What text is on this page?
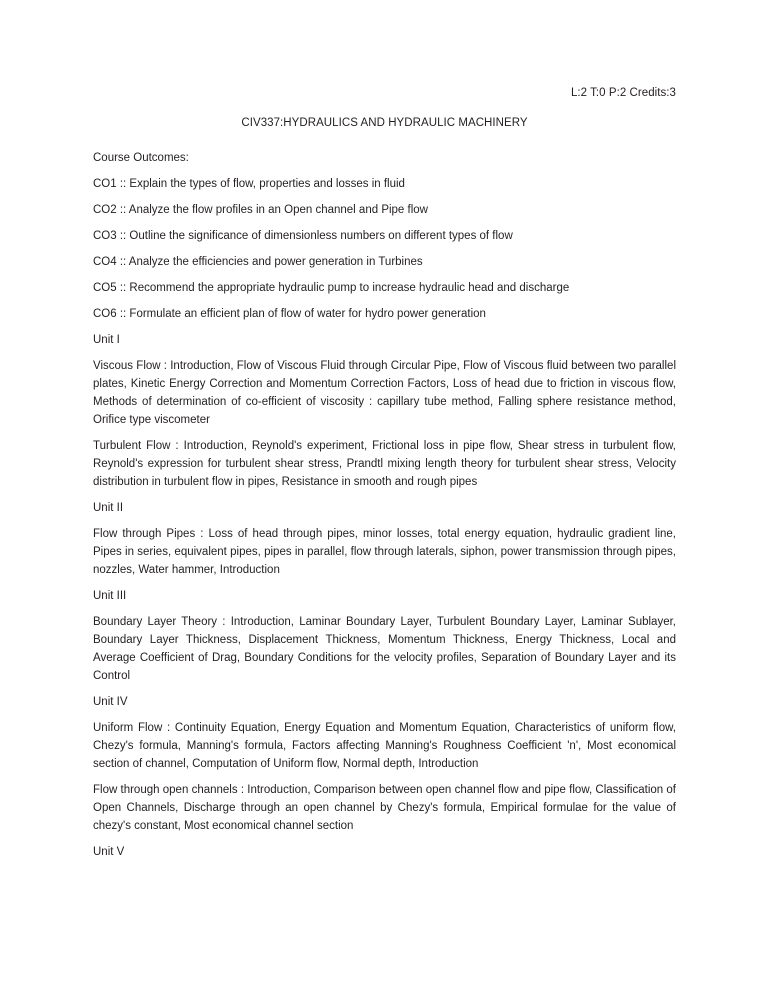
L:2 T:0 P:2 Credits:3
CIV337:HYDRAULICS AND HYDRAULIC MACHINERY
Course Outcomes:
CO1 :: Explain the types of flow, properties and losses in fluid
CO2 :: Analyze the flow profiles in an Open channel and Pipe flow
CO3 :: Outline the significance of dimensionless numbers on different types of flow
CO4 :: Analyze the efficiencies and power generation in Turbines
CO5 :: Recommend the appropriate hydraulic pump to increase hydraulic head and discharge
CO6 :: Formulate an efficient plan of flow of water for hydro power generation
Unit I
Viscous Flow : Introduction, Flow of Viscous Fluid through Circular Pipe, Flow of Viscous fluid between two parallel plates, Kinetic Energy Correction and Momentum Correction Factors, Loss of head due to friction in viscous flow, Methods of determination of co-efficient of viscosity : capillary tube method, Falling sphere resistance method, Orifice type viscometer
Turbulent Flow : Introduction, Reynold's experiment, Frictional loss in pipe flow, Shear stress in turbulent flow, Reynold's expression for turbulent shear stress, Prandtl mixing length theory for turbulent shear stress, Velocity distribution in turbulent flow in pipes, Resistance in smooth and rough pipes
Unit II
Flow through Pipes : Loss of head through pipes, minor losses, total energy equation, hydraulic gradient line, Pipes in series, equivalent pipes, pipes in parallel, flow through laterals, siphon, power transmission through pipes, nozzles, Water hammer, Introduction
Unit III
Boundary Layer Theory : Introduction, Laminar Boundary Layer, Turbulent Boundary Layer, Laminar Sublayer, Boundary Layer Thickness, Displacement Thickness, Momentum Thickness, Energy Thickness, Local and Average Coefficient of Drag, Boundary Conditions for the velocity profiles, Separation of Boundary Layer and its Control
Unit IV
Uniform Flow : Continuity Equation, Energy Equation and Momentum Equation, Characteristics of uniform flow, Chezy's formula, Manning's formula, Factors affecting Manning's Roughness Coefficient 'n', Most economical section of channel, Computation of Uniform flow, Normal depth, Introduction
Flow through open channels : Introduction, Comparison between open channel flow and pipe flow, Classification of Open Channels, Discharge through an open channel by Chezy's formula, Empirical formulae for the value of chezy's constant, Most economical channel section
Unit V
